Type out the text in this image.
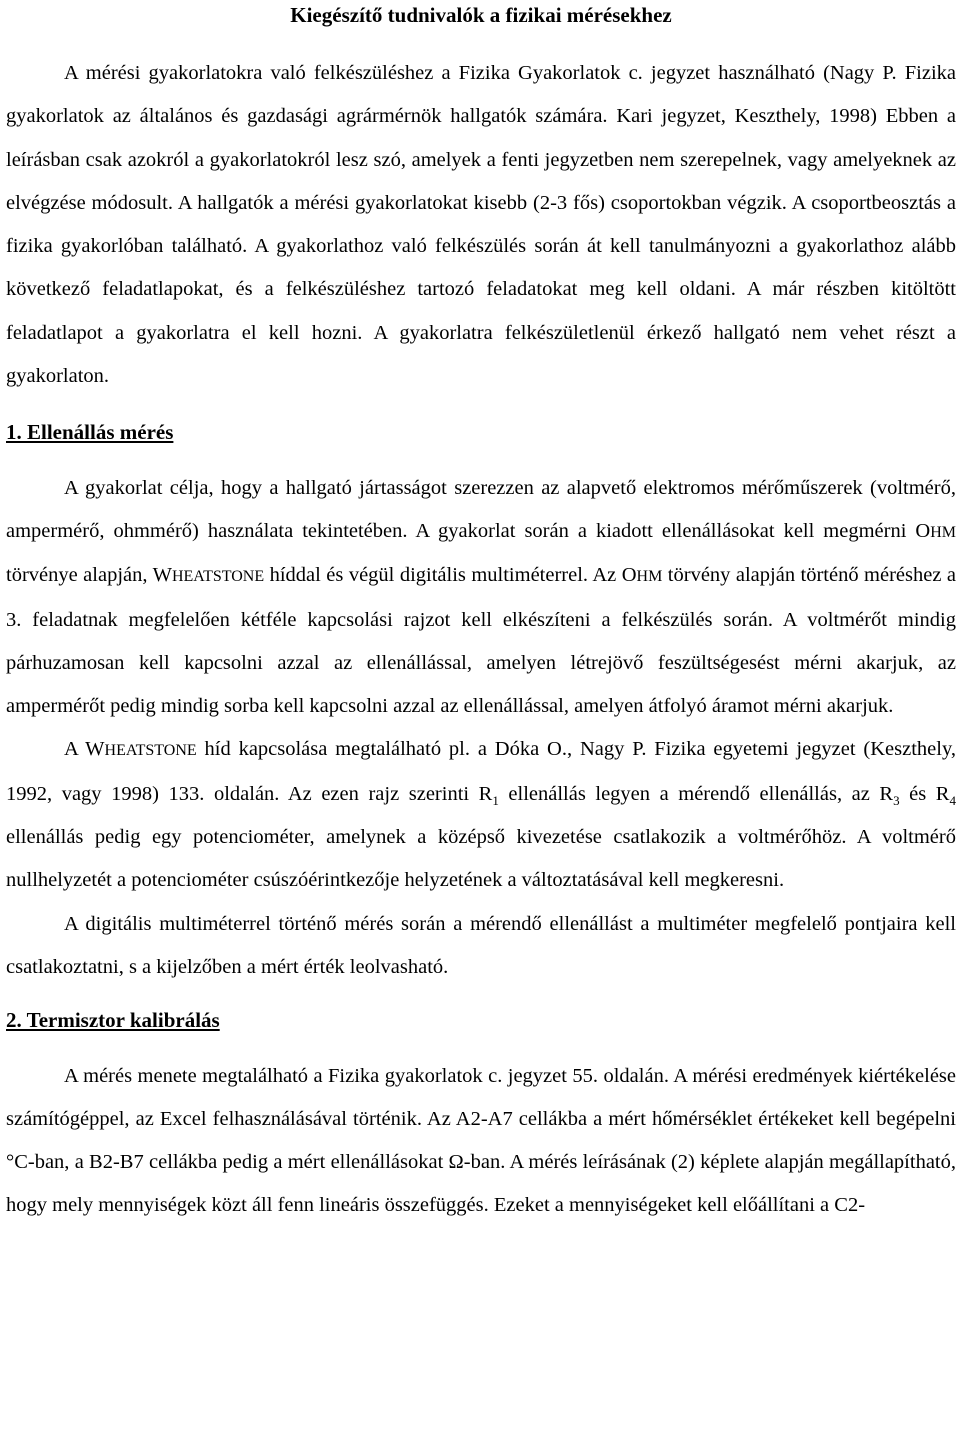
Kiegészítő tudnivalók a fizikai mérésekhez

A mérési gyakorlatokra való felkészüléshez a Fizika Gyakorlatok c. jegyzet használható (Nagy P. Fizika gyakorlatok az általános és gazdasági agrármérnök hallgatók számára. Kari jegyzet, Keszthely, 1998) Ebben a leírásban csak azokról a gyakorlatokról lesz szó, amelyek a fenti jegyzetben nem szerepelnek, vagy amelyeknek az elvégzése módosult. A hallgatók a mérési gyakorlatokat kisebb (2-3 fős) csoportokban végzik. A csoportbeosztás a fizika gyakorlóban található. A gyakorlathoz való felkészülés során át kell tanulmányozni a gyakorlathoz alább következő feladatlapokat, és a felkészüléshez tartozó feladatokat meg kell oldani. A már részben kitöltött feladatlapot a gyakorlatra el kell hozni. A gyakorlatra felkészületlenül érkező hallgató nem vehet részt a gyakorlaton.

1. Ellenállás mérés

A gyakorlat célja, hogy a hallgató jártasságot szerezzen az alapvető elektromos mérőműszerek (voltmérő, ampermérő, ohmmérő) használata tekintetében. A gyakorlat során a kiadott ellenállásokat kell megmérni OHM törvénye alapján, WHEATSTONE híddal és végül digitális multiméterrel. Az OHM törvény alapján történő méréshez a 3. feladatnak megfelelően kétféle kapcsolási rajzot kell elkészíteni a felkészülés során. A voltmérőt mindig párhuzamosan kell kapcsolni azzal az ellenállással, amelyen létrejövő feszültségesést mérni akarjuk, az ampermérőt pedig mindig sorba kell kapcsolni azzal az ellenállással, amelyen átfolyó áramot mérni akarjuk.

A WHEATSTONE híd kapcsolása megtalálható pl. a Dóka O., Nagy P. Fizika egyetemi jegyzet (Keszthely, 1992, vagy 1998) 133. oldalán. Az ezen rajz szerinti $R_1$ ellenállás legyen a mérendő ellenállás, az $R_3$ és $R_4$ ellenállás pedig egy potenciométer, amelynek a középső kivezetése csatlakozik a voltmérőhöz. A voltmérő nullhelyzetét a potenciométer csúszóérintkezője helyzetének a változtatásával kell megkeresni.

A digitális multiméterrel történő mérés során a mérendő ellenállást a multiméter megfelelő pontjaira kell csatlakoztatni, s a kijelzőben a mért érték leolvasható.

2. Termisztor kalibrálás

A mérés menete megtalálható a Fizika gyakorlatok c. jegyzet 55. oldalán. A mérési eredmények kiértékelése számítógéppel, az Excel felhasználásával történik. Az A2-A7 cellákba a mért hőmérséklet értékeket kell begépelni °C-ban, a B2-B7 cellákba pedig a mért ellenállásokat Ω-ban. A mérés leírásának (2) képlete alapján megállapítható, hogy mely mennyiségek közt áll fenn lineáris összefüggés. Ezeket a mennyiségeket kell előállítani a C2-
